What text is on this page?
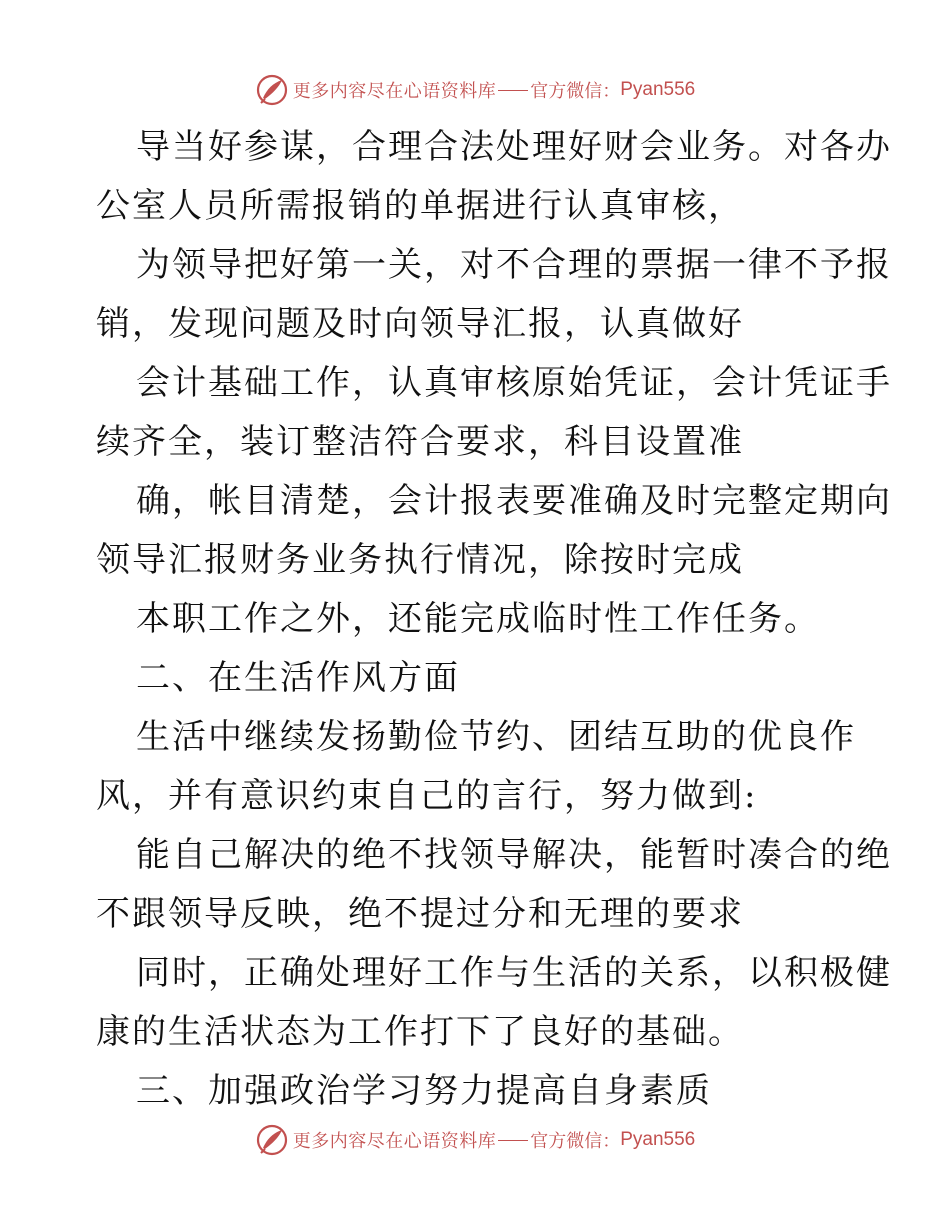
更多内容尽在心语资料库 官方微信： Pyan556
导当好参谋，合理合法处理好财会业务。对各办
公室人员所需报销的单据进行认真审核，
为领导把好第一关，对不合理的票据一律不予报
销，发现问题及时向领导汇报，认真做好
会计基础工作，认真审核原始凭证，会计凭证手
续齐全，装订整洁符合要求，科目设置准
确，帐目清楚，会计报表要准确及时完整定期向
领导汇报财务业务执行情况，除按时完成
本职工作之外，还能完成临时性工作任务。
二、在生活作风方面
生活中继续发扬勤俭节约、团结互助的优良作
风，并有意识约束自己的言行，努力做到:
能自己解决的绝不找领导解决，能暂时凑合的绝
不跟领导反映，绝不提过分和无理的要求
同时，正确处理好工作与生活的关系，以积极健
康的生活状态为工作打下了良好的基础。
三、加强政治学习努力提高自身素质
更多内容尽在心语资料库 官方微信： Pyan556
